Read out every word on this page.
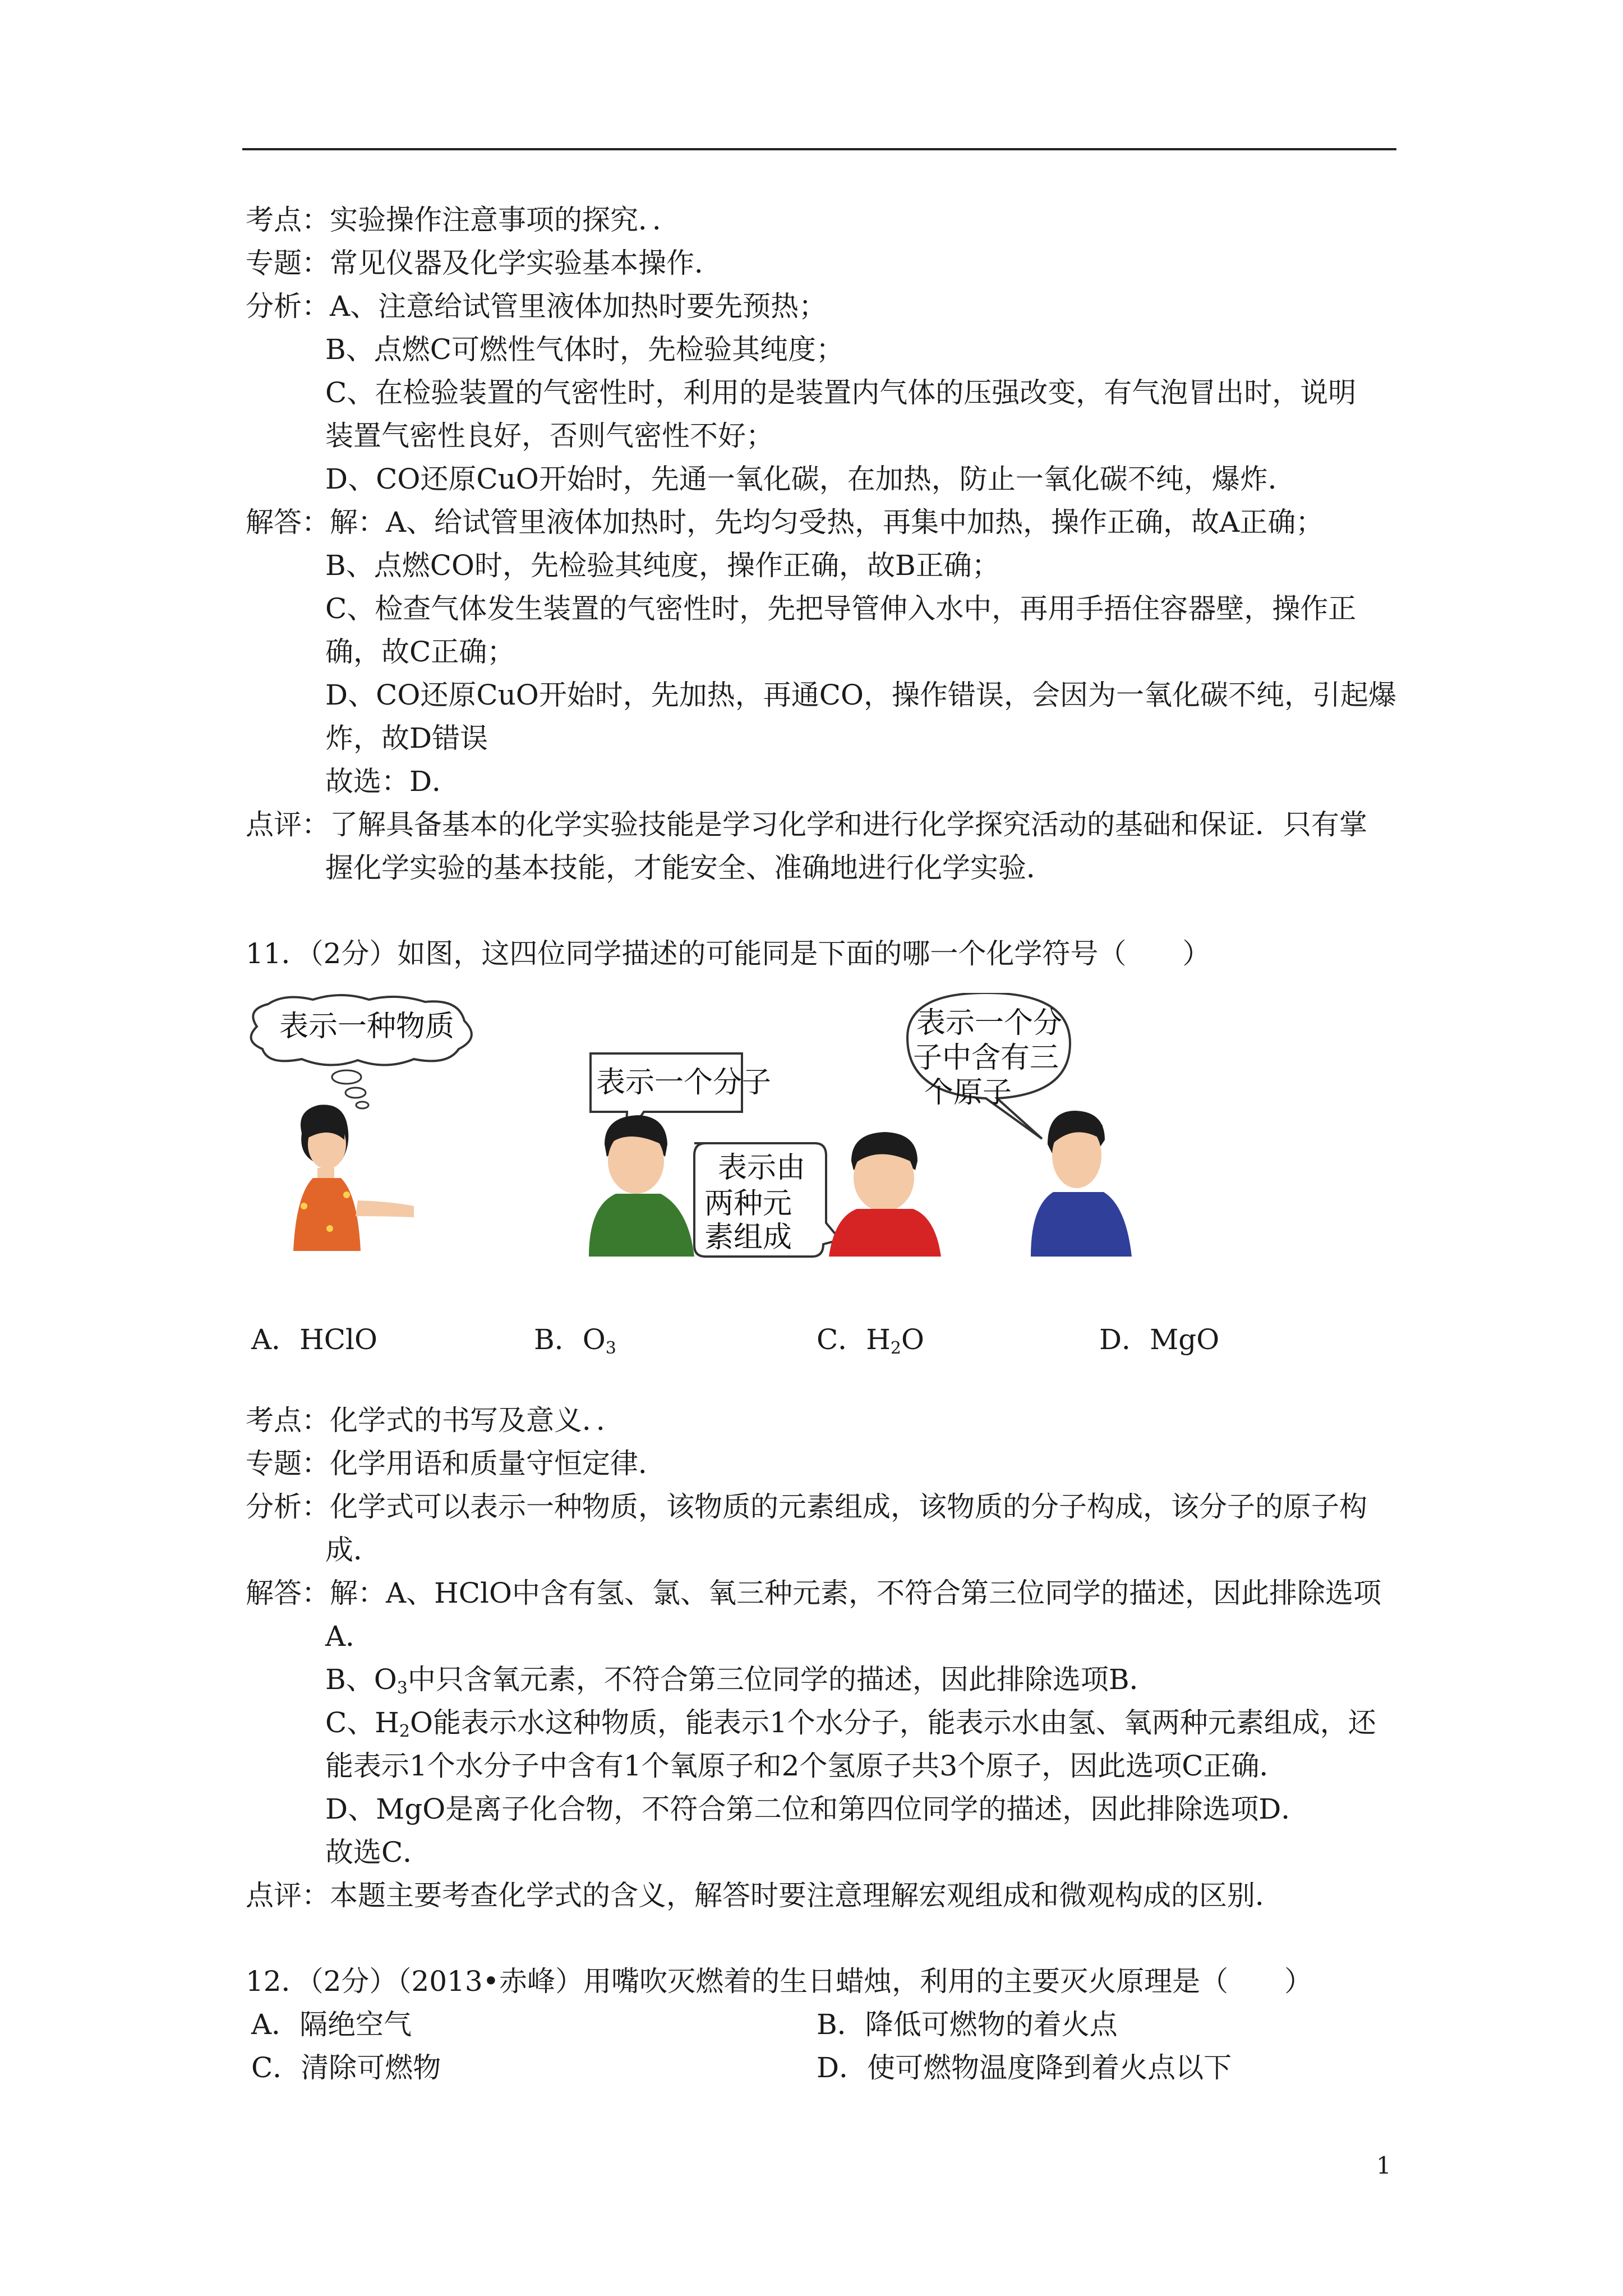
考点：实验操作注意事项的探究．．
专题：常见仪器及化学实验基本操作．
分析：A、注意给试管里液体加热时要先预热；
B、点燃C可燃性气体时，先检验其纯度；
C、在检验装置的气密性时，利用的是装置内气体的压强改变，有气泡冒出时，说明
装置气密性良好，否则气密性不好；
D、CO还原CuO开始时，先通一氧化碳，在加热，防止一氧化碳不纯，爆炸．
解答：解：A、给试管里液体加热时，先均匀受热，再集中加热，操作正确，故A正确；
B、点燃CO时，先检验其纯度，操作正确，故B正确；
C、检查气体发生装置的气密性时，先把导管伸入水中，再用手捂住容器壁，操作正
确，故C正确；
D、CO还原CuO开始时，先加热，再通CO，操作错误，会因为一氧化碳不纯，引起爆
炸，故D错误
故选：D．
点评：了解具备基本的化学实验技能是学习化学和进行化学探究活动的基础和保证．只有掌
握化学实验的基本技能，才能安全、准确地进行化学实验．
11．（2分）如图，这四位同学描述的可能同是下面的哪一个化学符号（　　）
表示一种物质
表示一个分子
表示由
两种元
素组成
表示一个分
子中含有三
个原子
A．HClO	B．$O_3$	C．$H_2O$	D．MgO
考点：化学式的书写及意义．．
专题：化学用语和质量守恒定律．
分析：化学式可以表示一种物质，该物质的元素组成，该物质的分子构成，该分子的原子构
成．
解答：解：A、HClO中含有氢、氯、氧三种元素，不符合第三位同学的描述，因此排除选项
A．
B、$O_3$中只含氧元素，不符合第三位同学的描述，因此排除选项B．
C、$H_2O$能表示水这种物质，能表示1个水分子，能表示水由氢、氧两种元素组成，还
能表示1个水分子中含有1个氧原子和2个氢原子共3个原子，因此选项C正确．
D、MgO是离子化合物，不符合第二位和第四位同学的描述，因此排除选项D．
故选C．
点评：本题主要考查化学式的含义，解答时要注意理解宏观组成和微观构成的区别．
12．（2分）（2013•赤峰）用嘴吹灭燃着的生日蜡烛，利用的主要灭火原理是（　　）
A．隔绝空气	B．降低可燃物的着火点
C．清除可燃物	D．使可燃物温度降到着火点以下
1
